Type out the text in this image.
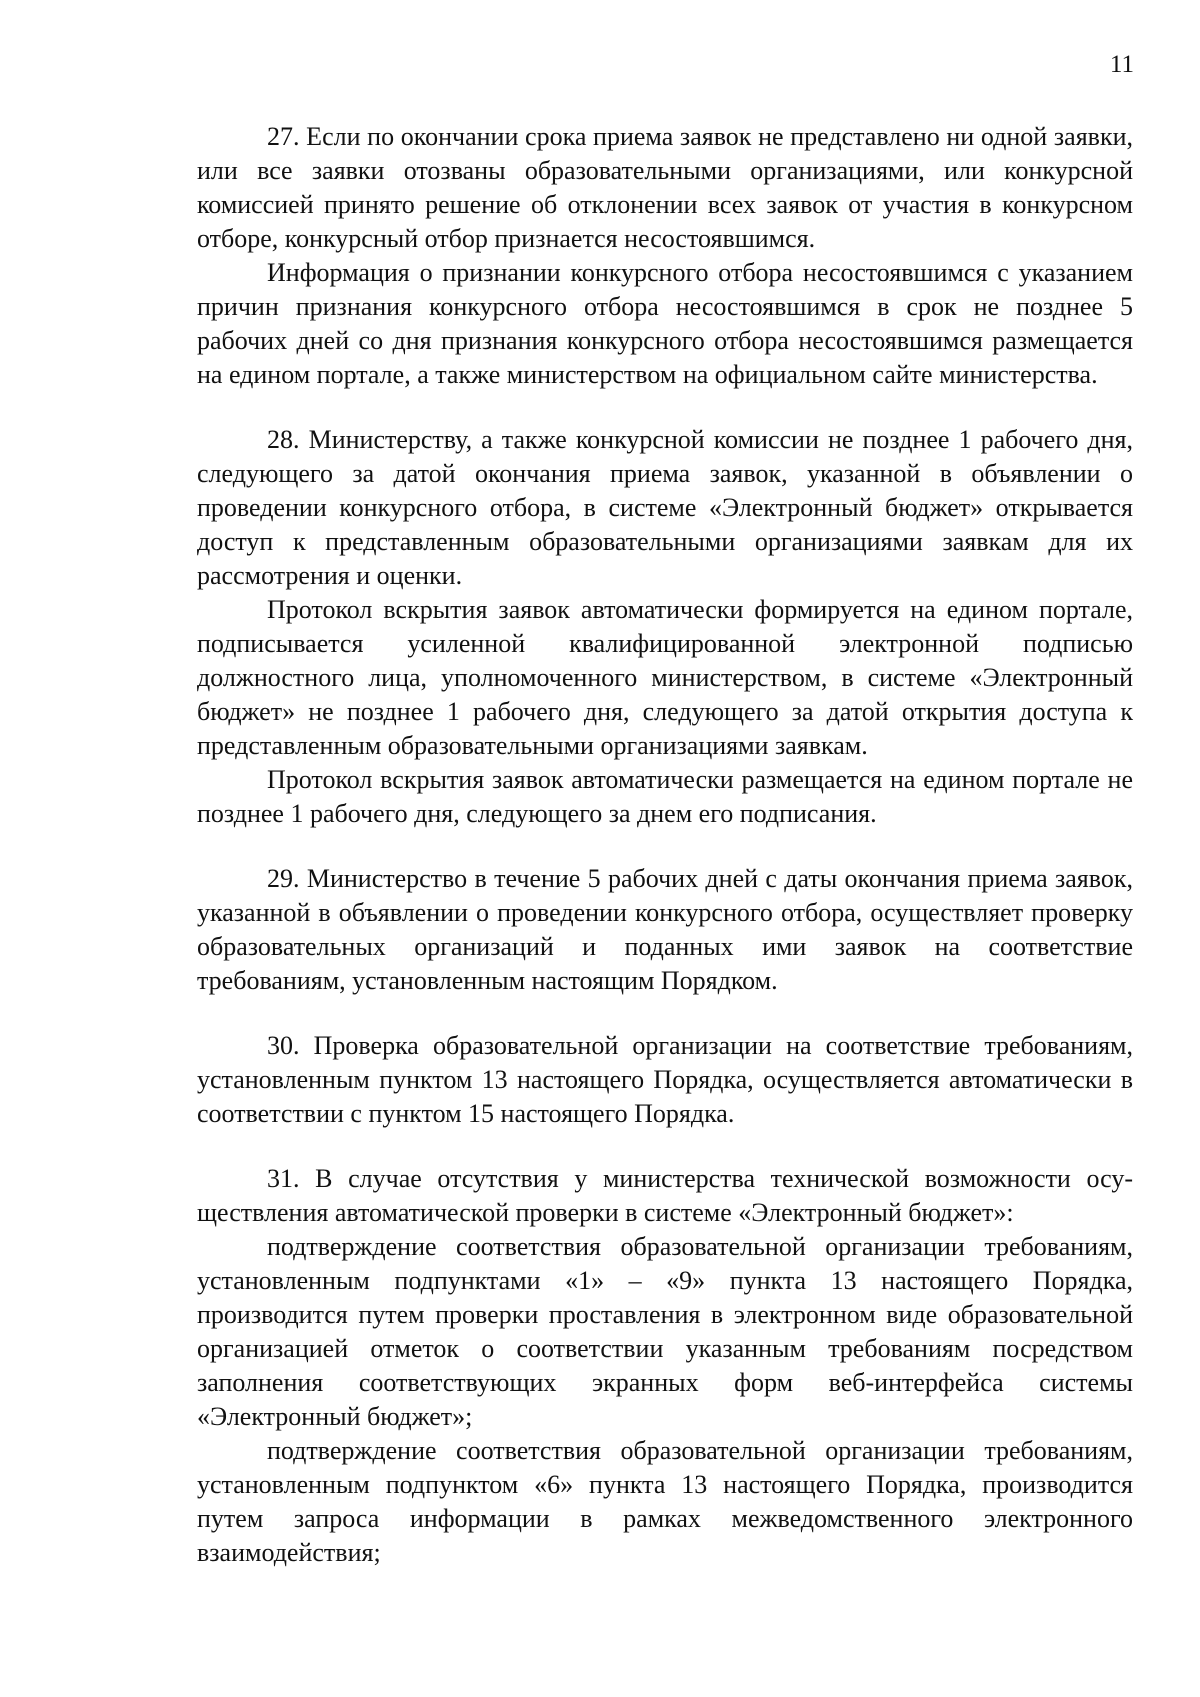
11

27. Если по окончании срока приема заявок не представлено ни одной заявки, или все заявки отозваны образовательными организациями, или конкурсной комиссией принято решение об отклонении всех заявок от участия в конкурсном отборе, конкурсный отбор признается несостоявшимся.

Информация о признании конкурсного отбора несостоявшимся с указанием причин признания конкурсного отбора несостоявшимся в срок не позднее 5 рабочих дней со дня признания конкурсного отбора несостоявшимся размещается на едином портале, а также министерством на официальном сайте министерства.

28. Министерству, а также конкурсной комиссии не позднее 1 рабочего дня, следующего за датой окончания приема заявок, указанной в объявлении о проведении конкурсного отбора, в системе «Электронный бюджет» открывается доступ к представленным образовательными организациями заявкам для их рассмотрения и оценки.

Протокол вскрытия заявок автоматически формируется на едином портале, подписывается усиленной квалифицированной электронной подписью должностного лица, уполномоченного министерством, в системе «Электронный бюджет» не позднее 1 рабочего дня, следующего за датой открытия доступа к представленным образовательными организациями заявкам.

Протокол вскрытия заявок автоматически размещается на едином портале не позднее 1 рабочего дня, следующего за днем его подписания.

29. Министерство в течение 5 рабочих дней с даты окончания приема заявок, указанной в объявлении о проведении конкурсного отбора, осуществляет проверку образовательных организаций и поданных ими заявок на соответствие требованиям, установленным настоящим Порядком.

30. Проверка образовательной организации на соответствие требованиям, установленным пунктом 13 настоящего Порядка, осуществляется автоматически в соответствии с пунктом 15 настоящего Порядка.

31. В случае отсутствия у министерства технической возможности осуществления автоматической проверки в системе «Электронный бюджет»:

подтверждение соответствия образовательной организации требованиям, установленным подпунктами «1» – «9» пункта 13 настоящего Порядка, производится путем проверки проставления в электронном виде образовательной организацией отметок о соответствии указанным требованиям посредством заполнения соответствующих экранных форм веб-интерфейса системы «Электронный бюджет»;

подтверждение соответствия образовательной организации требованиям, установленным подпунктом «6» пункта 13 настоящего Порядка, производится путем запроса информации в рамках межведомственного электронного взаимодействия;
